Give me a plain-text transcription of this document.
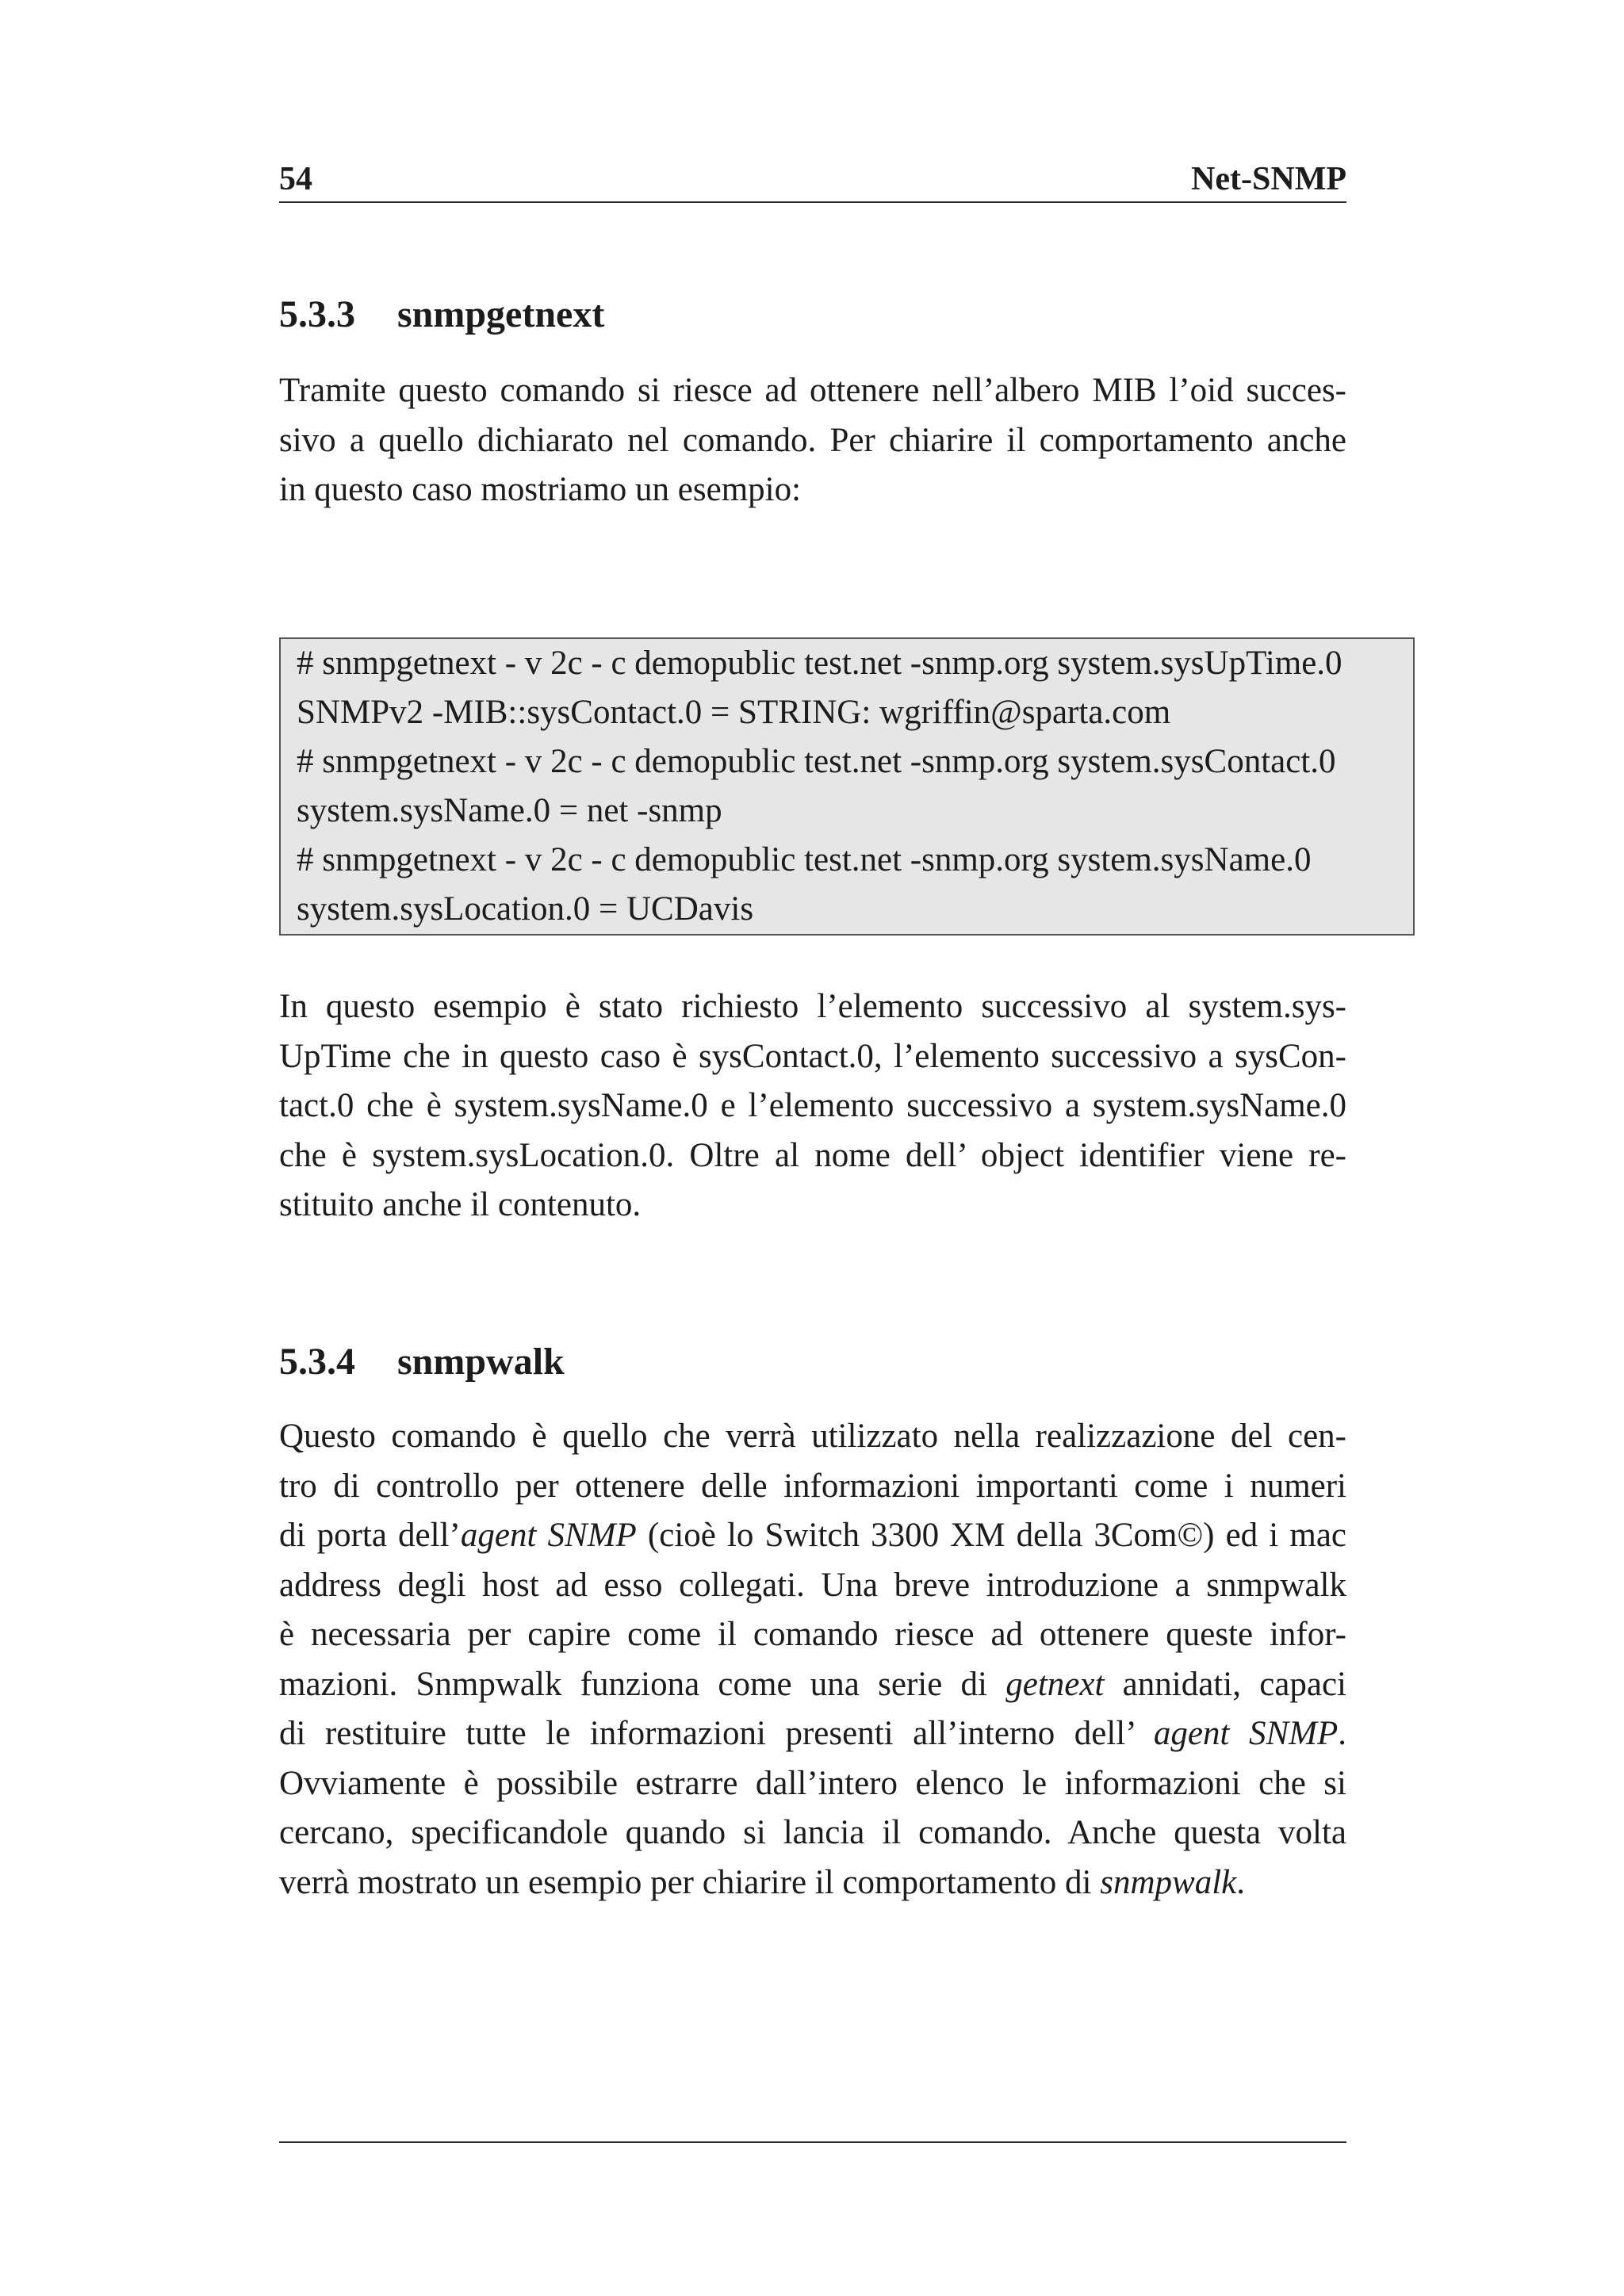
54	Net-SNMP
5.3.3 snmpgetnext
Tramite questo comando si riesce ad ottenere nell’albero MIB l’oid succes-
sivo a quello dichiarato nel comando. Per chiarire il comportamento anche
in questo caso mostriamo un esempio:
# snmpgetnext - v 2c - c demopublic test.net -snmp.org system.sysUpTime.0
SNMPv2 -MIB::sysContact.0 = STRING: wgriffin@sparta.com
# snmpgetnext - v 2c - c demopublic test.net -snmp.org system.sysContact.0
system.sysName.0 = net -snmp
# snmpgetnext - v 2c - c demopublic test.net -snmp.org system.sysName.0
system.sysLocation.0 = UCDavis
In questo esempio è stato richiesto l’elemento successivo al system.sys-
UpTime che in questo caso è sysContact.0, l’elemento successivo a sysCon-
tact.0 che è system.sysName.0 e l’elemento successivo a system.sysName.0
che è system.sysLocation.0. Oltre al nome dell’ object identifier viene re-
stituito anche il contenuto.
5.3.4 snmpwalk
Questo comando è quello che verrà utilizzato nella realizzazione del cen-
tro di controllo per ottenere delle informazioni importanti come i numeri
di porta dell’agent SNMP (cioè lo Switch 3300 XM della 3Com©) ed i mac
address degli host ad esso collegati. Una breve introduzione a snmpwalk
è necessaria per capire come il comando riesce ad ottenere queste infor-
mazioni. Snmpwalk funziona come una serie di getnext annidati, capaci
di restituire tutte le informazioni presenti all’interno dell’ agent SNMP.
Ovviamente è possibile estrarre dall’intero elenco le informazioni che si
cercano, specificandole quando si lancia il comando. Anche questa volta
verrà mostrato un esempio per chiarire il comportamento di snmpwalk.
